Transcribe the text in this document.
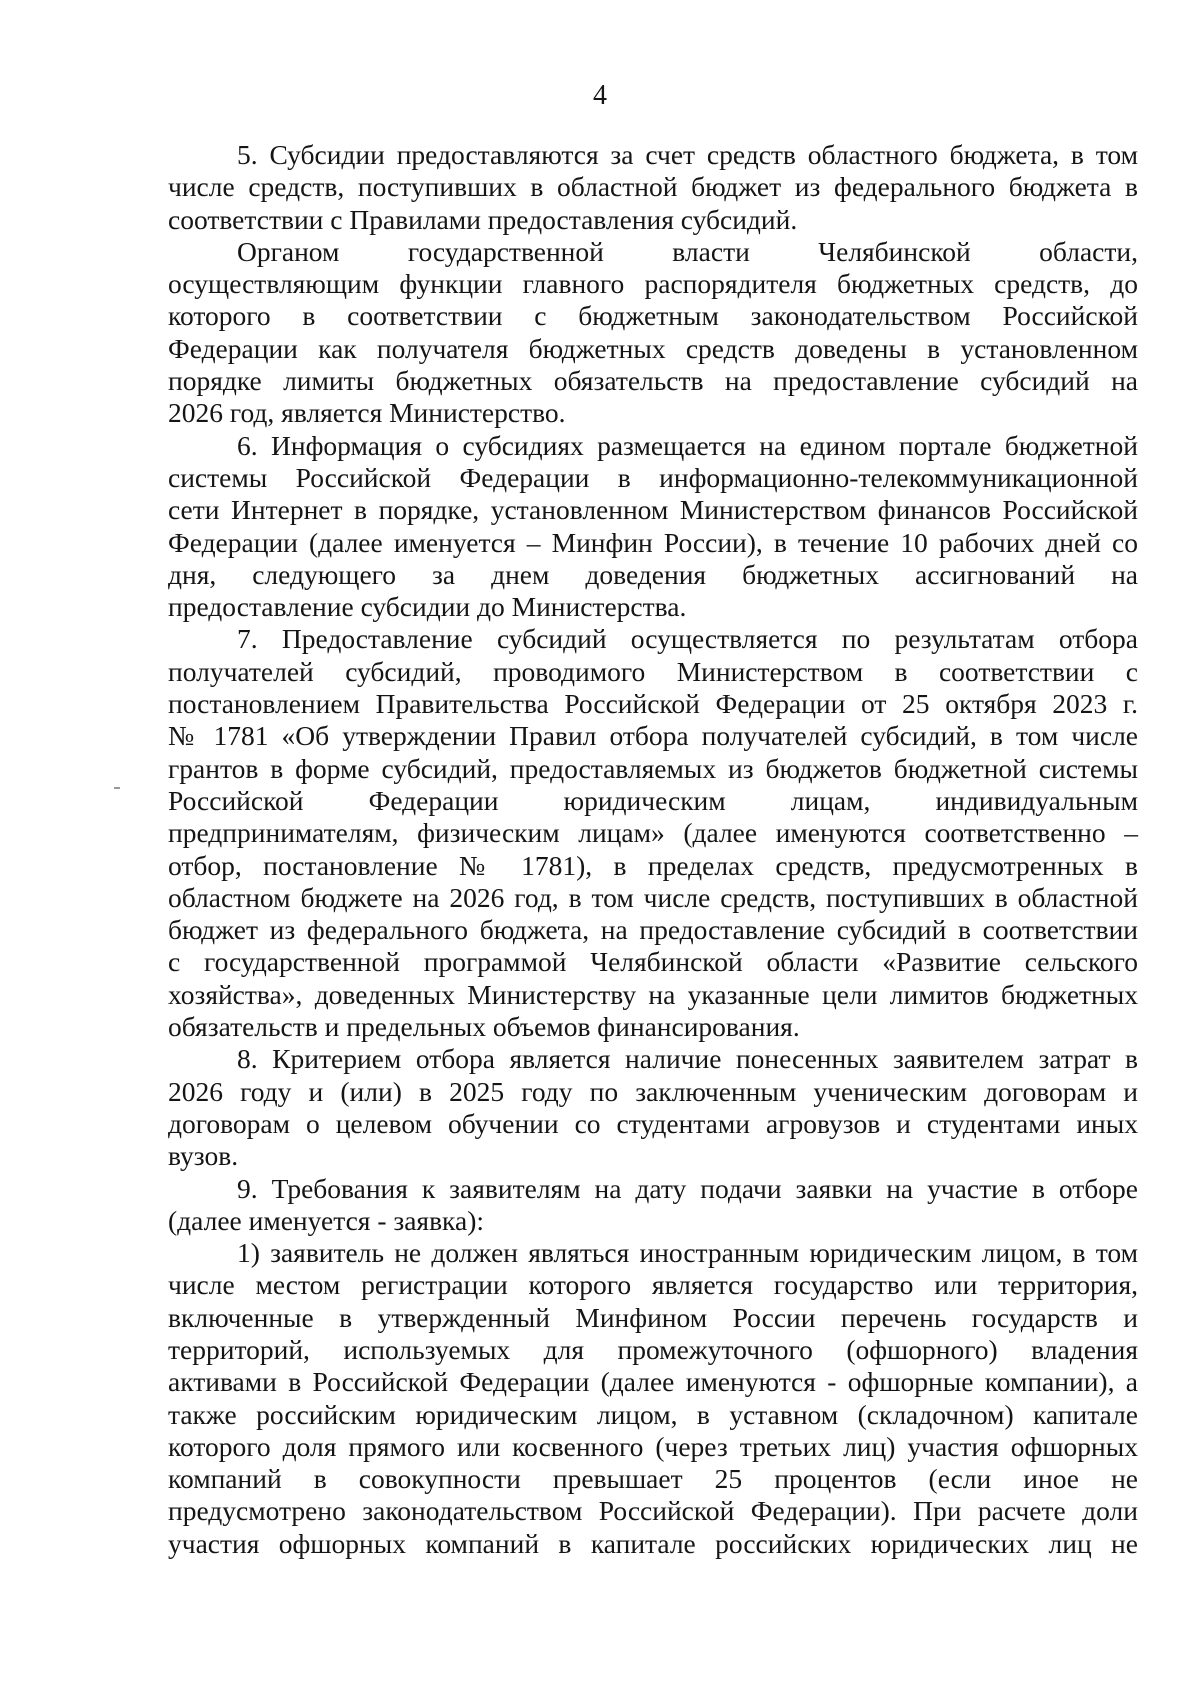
4
5. Субсидии предоставляются за счет средств областного бюджета, в том
числе средств, поступивших в областной бюджет из федерального бюджета в
соответствии с Правилами предоставления субсидий.
Органом государственной власти Челябинской области,
осуществляющим функции главного распорядителя бюджетных средств, до
которого в соответствии с бюджетным законодательством Российской
Федерации как получателя бюджетных средств доведены в установленном
порядке лимиты бюджетных обязательств на предоставление субсидий на
2026 год, является Министерство.
6. Информация о субсидиях размещается на едином портале бюджетной
системы Российской Федерации в информационно-телекоммуникационной
сети Интернет в порядке, установленном Министерством финансов Российской
Федерации (далее именуется – Минфин России), в течение 10 рабочих дней со
дня, следующего за днем доведения бюджетных ассигнований на
предоставление субсидии до Министерства.
7. Предоставление субсидий осуществляется по результатам отбора
получателей субсидий, проводимого Министерством в соответствии с
постановлением Правительства Российской Федерации от 25 октября 2023 г.
№ 1781 «Об утверждении Правил отбора получателей субсидий, в том числе
грантов в форме субсидий, предоставляемых из бюджетов бюджетной системы
Российской Федерации юридическим лицам, индивидуальным
предпринимателям, физическим лицам» (далее именуются соответственно –
отбор, постановление № 1781), в пределах средств, предусмотренных в
областном бюджете на 2026 год, в том числе средств, поступивших в областной
бюджет из федерального бюджета, на предоставление субсидий в соответствии
с государственной программой Челябинской области «Развитие сельского
хозяйства», доведенных Министерству на указанные цели лимитов бюджетных
обязательств и предельных объемов финансирования.
8. Критерием отбора является наличие понесенных заявителем затрат в
2026 году и (или) в 2025 году по заключенным ученическим договорам и
договорам о целевом обучении со студентами агровузов и студентами иных
вузов.
9. Требования к заявителям на дату подачи заявки на участие в отборе
(далее именуется - заявка):
1) заявитель не должен являться иностранным юридическим лицом, в том
числе местом регистрации которого является государство или территория,
включенные в утвержденный Минфином России перечень государств и
территорий, используемых для промежуточного (офшорного) владения
активами в Российской Федерации (далее именуются - офшорные компании), а
также российским юридическим лицом, в уставном (складочном) капитале
которого доля прямого или косвенного (через третьих лиц) участия офшорных
компаний в совокупности превышает 25 процентов (если иное не
предусмотрено законодательством Российской Федерации). При расчете доли
участия офшорных компаний в капитале российских юридических лиц не
